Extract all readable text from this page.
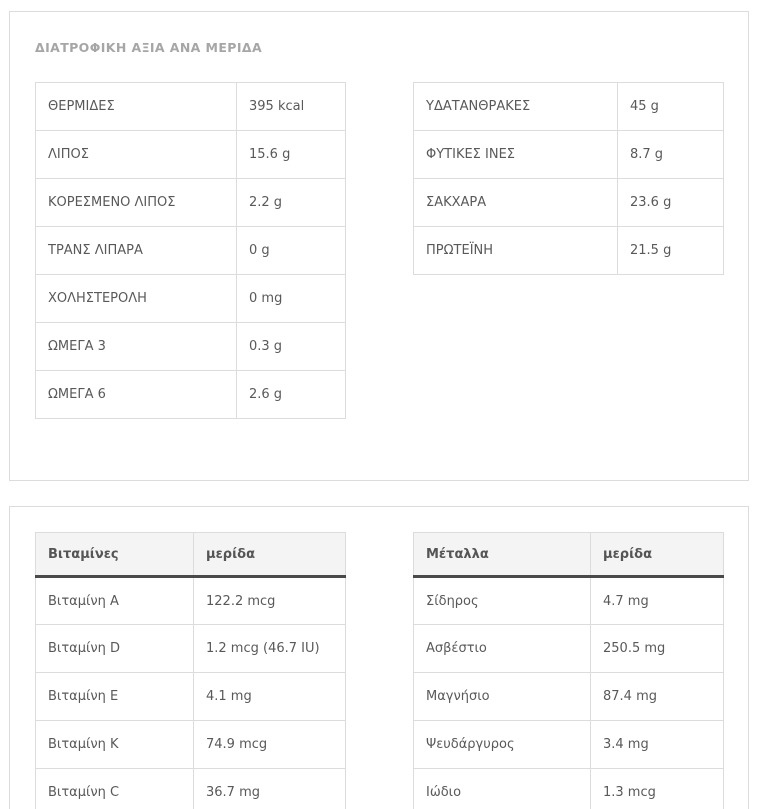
ΔΙΑΤΡΟΦΙΚΗ ΑΞΙΑ ΑΝΑ ΜΕΡΙΔΑ
ΘΕΡΜΙΔΕΣ	395 kcal
ΛΙΠΟΣ	15.6 g
ΚΟΡΕΣΜΕΝΟ ΛΙΠΟΣ	2.2 g
ΤΡΑΝΣ ΛΙΠΑΡΑ	0 g
ΧΟΛΗΣΤΕΡΟΛΗ	0 mg
ΩΜΕΓΑ 3	0.3 g
ΩΜΕΓΑ 6	2.6 g
ΥΔΑΤΑΝΘΡΑΚΕΣ	45 g
ΦΥΤΙΚΕΣ ΙΝΕΣ	8.7 g
ΣΑΚΧΑΡΑ	23.6 g
ΠΡΩΤΕΪΝΗ	21.5 g
Βιταμίνες	μερίδα
Βιταμίνη A	122.2 mcg
Βιταμίνη D	1.2 mcg (46.7 IU)
Βιταμίνη E	4.1 mg
Βιταμίνη K	74.9 mcg
Βιταμίνη C	36.7 mg
Μέταλλα	μερίδα
Σίδηρος	4.7 mg
Ασβέστιο	250.5 mg
Μαγνήσιο	87.4 mg
Ψευδάργυρος	3.4 mg
Ιώδιο	1.3 mcg
